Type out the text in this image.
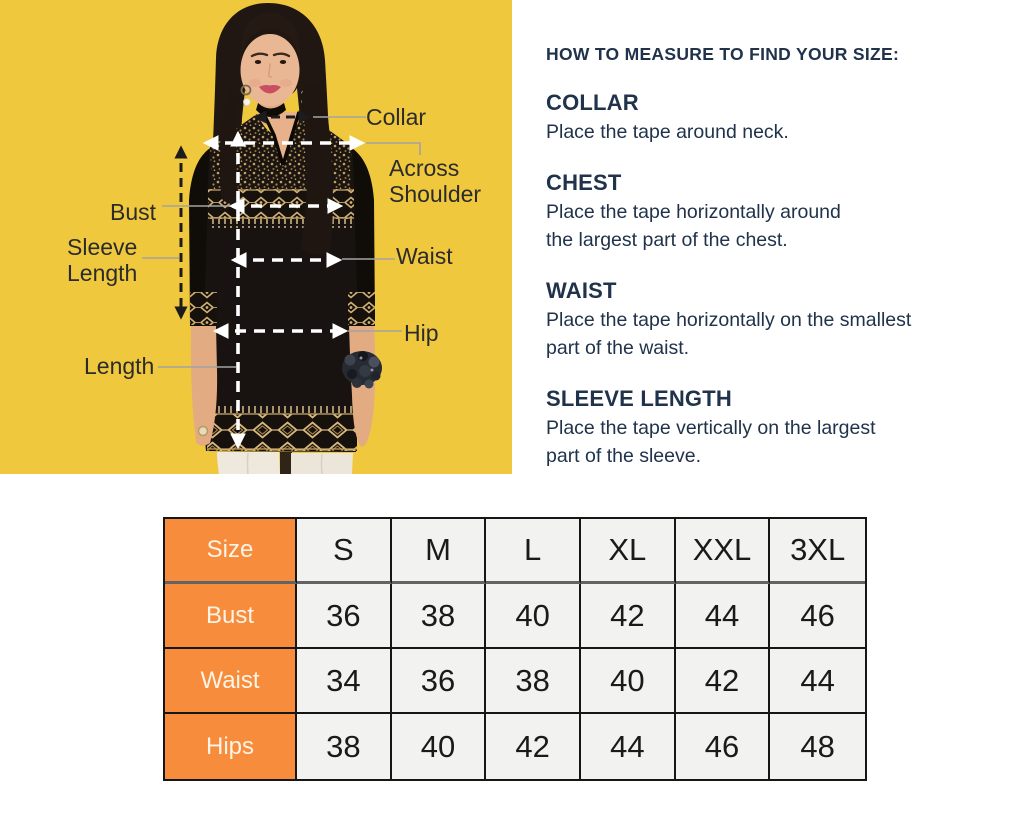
Collar
Across
Shoulder
Bust
Sleeve
Length
Waist
Hip
Length
HOW TO MEASURE TO FIND YOUR SIZE:
COLLAR

Place the tape around neck.

CHEST

Place the tape horizontally around

the largest part of the chest.

WAIST

Place the tape horizontally on the smallest

part of the waist.

SLEEVE LENGTH

Place the tape vertically on the largest

part of the sleeve.

Size	S	M	L	XL	XXL	3XL
Bust	36	38	40	42	44	46
Waist	34	36	38	40	42	44
Hips	38	40	42	44	46	48
